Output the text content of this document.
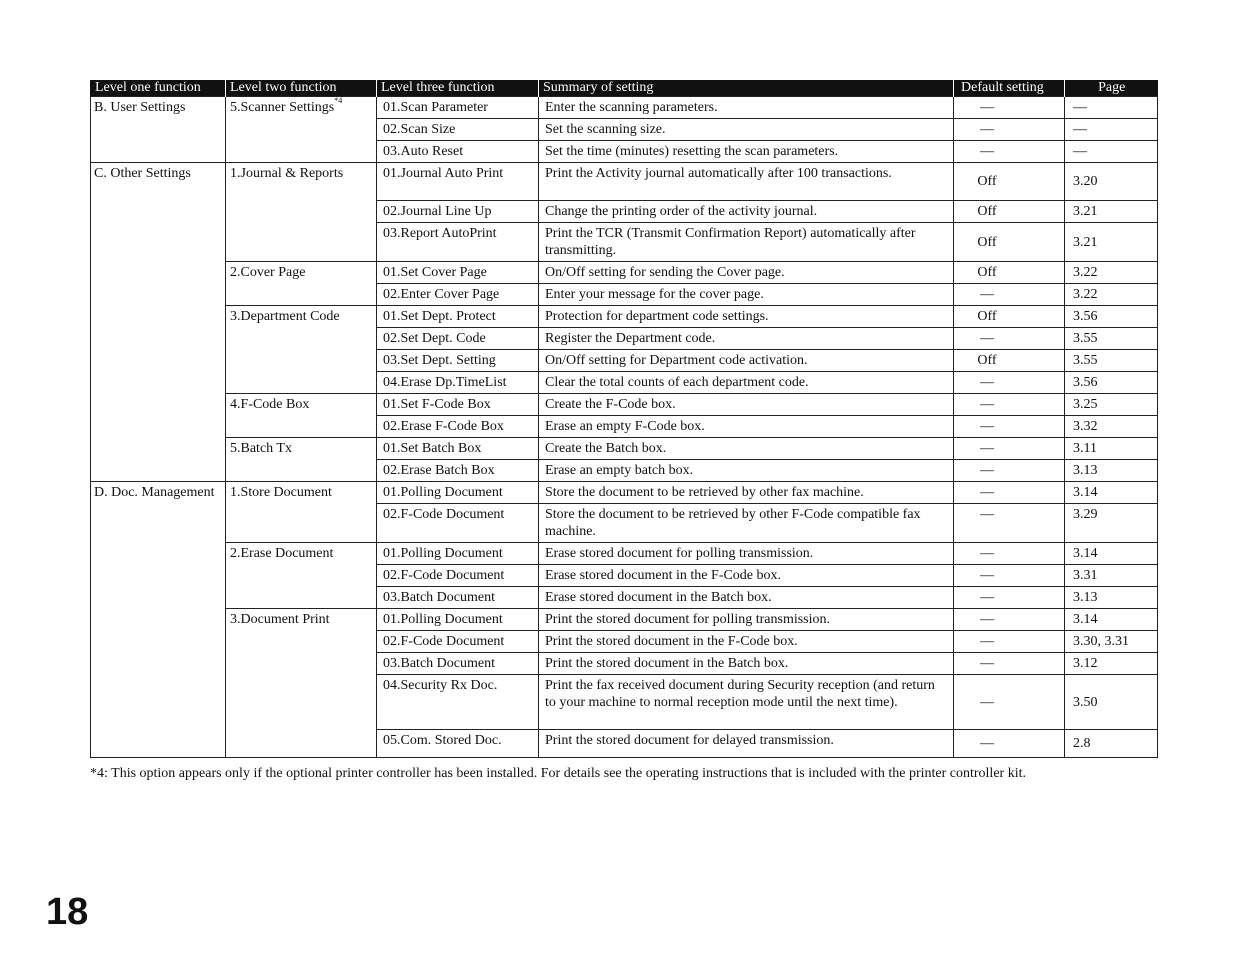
Level one function	Level two function	Level three function	Summary of setting	Default setting	Page
B. User Settings	5.Scanner Settings$^{*4}$	01.Scan Parameter	Enter the scanning parameters.	—	—
		02.Scan Size	Set the scanning size.	—	—
		03.Auto Reset	Set the time (minutes) resetting the scan parameters.	—	—
C. Other Settings	1.Journal & Reports	01.Journal Auto Print	Print the Activity journal automatically after 100 transactions.	Off	3.20
		02.Journal Line Up	Change the printing order of the activity journal.	Off	3.21
		03.Report AutoPrint	Print the TCR (Transmit Confirmation Report) automatically after transmitting.	Off	3.21
	2.Cover Page	01.Set Cover Page	On/Off setting for sending the Cover page.	Off	3.22
		02.Enter Cover Page	Enter your message for the cover page.	—	3.22
	3.Department Code	01.Set Dept. Protect	Protection for department code settings.	Off	3.56
		02.Set Dept. Code	Register the Department code.	—	3.55
		03.Set Dept. Setting	On/Off setting for Department code activation.	Off	3.55
		04.Erase Dp.TimeList	Clear the total counts of each department code.	—	3.56
	4.F-Code Box	01.Set F-Code Box	Create the F-Code box.	—	3.25
		02.Erase F-Code Box	Erase an empty F-Code box.	—	3.32
	5.Batch Tx	01.Set Batch Box	Create the Batch box.	—	3.11
		02.Erase Batch Box	Erase an empty batch box.	—	3.13
D. Doc. Management	1.Store Document	01.Polling Document	Store the document to be retrieved by other fax machine.	—	3.14
		02.F-Code Document	Store the document to be retrieved by other F-Code compatible fax machine.	—	3.29
	2.Erase Document	01.Polling Document	Erase stored document for polling transmission.	—	3.14
		02.F-Code Document	Erase stored document in the F-Code box.	—	3.31
		03.Batch Document	Erase stored document in the Batch box.	—	3.13
	3.Document Print	01.Polling Document	Print the stored document for polling transmission.	—	3.14
		02.F-Code Document	Print the stored document in the F-Code box.	—	3.30, 3.31
		03.Batch Document	Print the stored document in the Batch box.	—	3.12
		04.Security Rx Doc.	Print the fax received document during Security reception (and return to your machine to normal reception mode until the next time).	—	3.50
		05.Com. Stored Doc.	Print the stored document for delayed transmission.	—	2.8
*4: This option appears only if the optional printer controller has been installed. For details see the operating instructions that is included with the printer controller kit.
18
